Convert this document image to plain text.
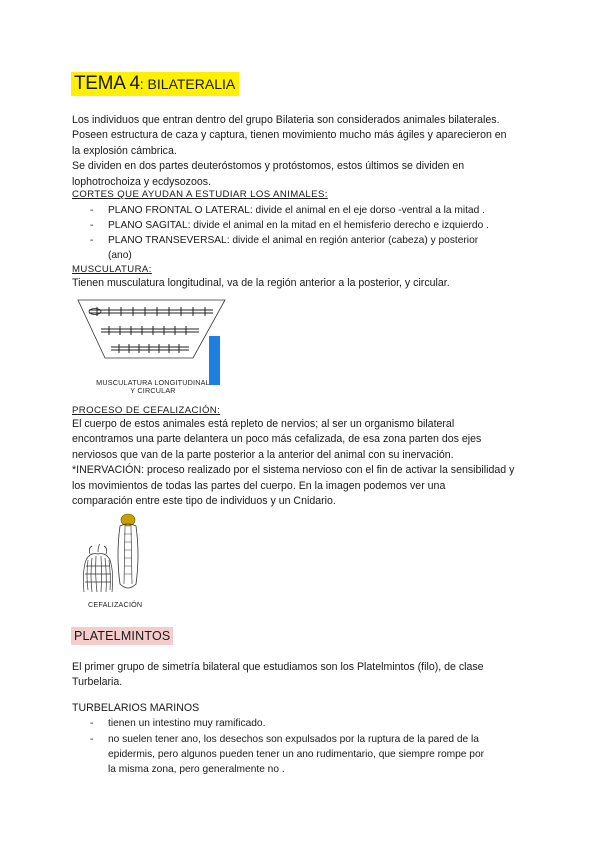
TEMA 4: BILATERALIA
Los individuos que entran dentro del grupo Bilateria son considerados animales bilaterales.
Poseen estructura de caza y captura, tienen movimiento mucho más ágiles y aparecieron en
la explosión cámbrica.
Se dividen en dos partes deuteróstomos y protóstomos, estos últimos se dividen en
lophotrochoiza y ecdysozoos.
CORTES QUE AYUDAN A ESTUDIAR LOS ANIMALES:
- PLANO FRONTAL O LATERAL: divide el animal en el eje dorso -ventral a la mitad .
- PLANO SAGITAL: divide el animal en la mitad en el hemisferio derecho e izquierdo .
- PLANO TRANSEVERSAL: divide el animal en región anterior (cabeza) y posterior
(ano)
MUSCULATURA:
Tienen musculatura longitudinal, va de la región anterior a la posterior, y circular.
MUSCULATURA LONGITUDINAL
Y CIRCULAR
PROCESO DE CEFALIZACIÓN:
El cuerpo de estos animales está repleto de nervios; al ser un organismo bilateral
encontramos una parte delantera un poco más cefalizada, de esa zona parten dos ejes
nerviosos que van de la parte posterior a la anterior del animal con su inervación.
*INERVACIÓN: proceso realizado por el sistema nervioso con el fin de activar la sensibilidad y
los movimientos de todas las partes del cuerpo. En la imagen podemos ver una
comparación entre este tipo de individuos y un Cnidario.
CEFALIZACIÓN
PLATELMINTOS
El primer grupo de simetría bilateral que estudiamos son los Platelmintos (filo), de clase
Turbelaria.
TURBELARIOS MARINOS
- tienen un intestino muy ramificado.
- no suelen tener ano, los desechos son expulsados por la ruptura de la pared de la
epidermis, pero algunos pueden tener un ano rudimentario, que siempre rompe por
la misma zona, pero generalmente no .
